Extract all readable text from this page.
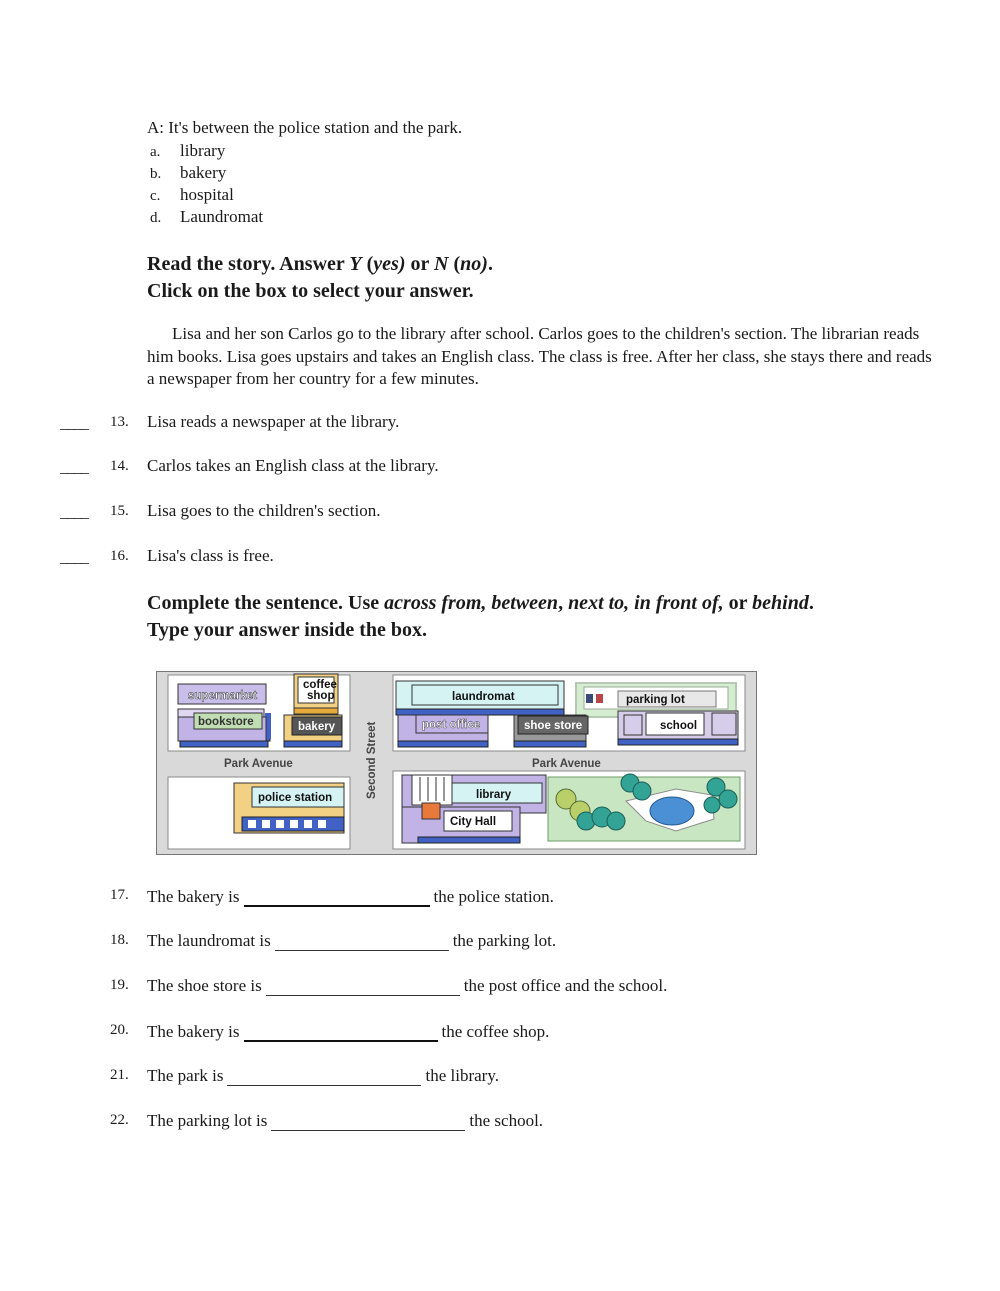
A: It's between the police station and the park.
a. library
b. bakery
c. hospital
d. Laundromat
Read the story. Answer Y (yes) or N (no).
Click on the box to select your answer.
Lisa and her son Carlos go to the library after school. Carlos goes to the children's section. The librarian reads him books. Lisa goes upstairs and takes an English class. The class is free. After her class, she stays there and reads a newspaper from her country for a few minutes.
____ 13. Lisa reads a newspaper at the library.
____ 14. Carlos takes an English class at the library.
____ 15. Lisa goes to the children's section.
____ 16. Lisa's class is free.
Complete the sentence. Use across from, between, next to, in front of, or behind.
Type your answer inside the box.
supermarket
coffee
shop
bookstore	bakery
laundromat	parking lot
post office	shoe store	school
Park Avenue	Park Avenue
Second Street
police station	library
City Hall
17. The bakery is	the police station.
18. The laundromat is	the parking lot.
19. The shoe store is	the post office and the school.
20. The bakery is	the coffee shop.
21. The park is	the library.
22. The parking lot is	the school.
